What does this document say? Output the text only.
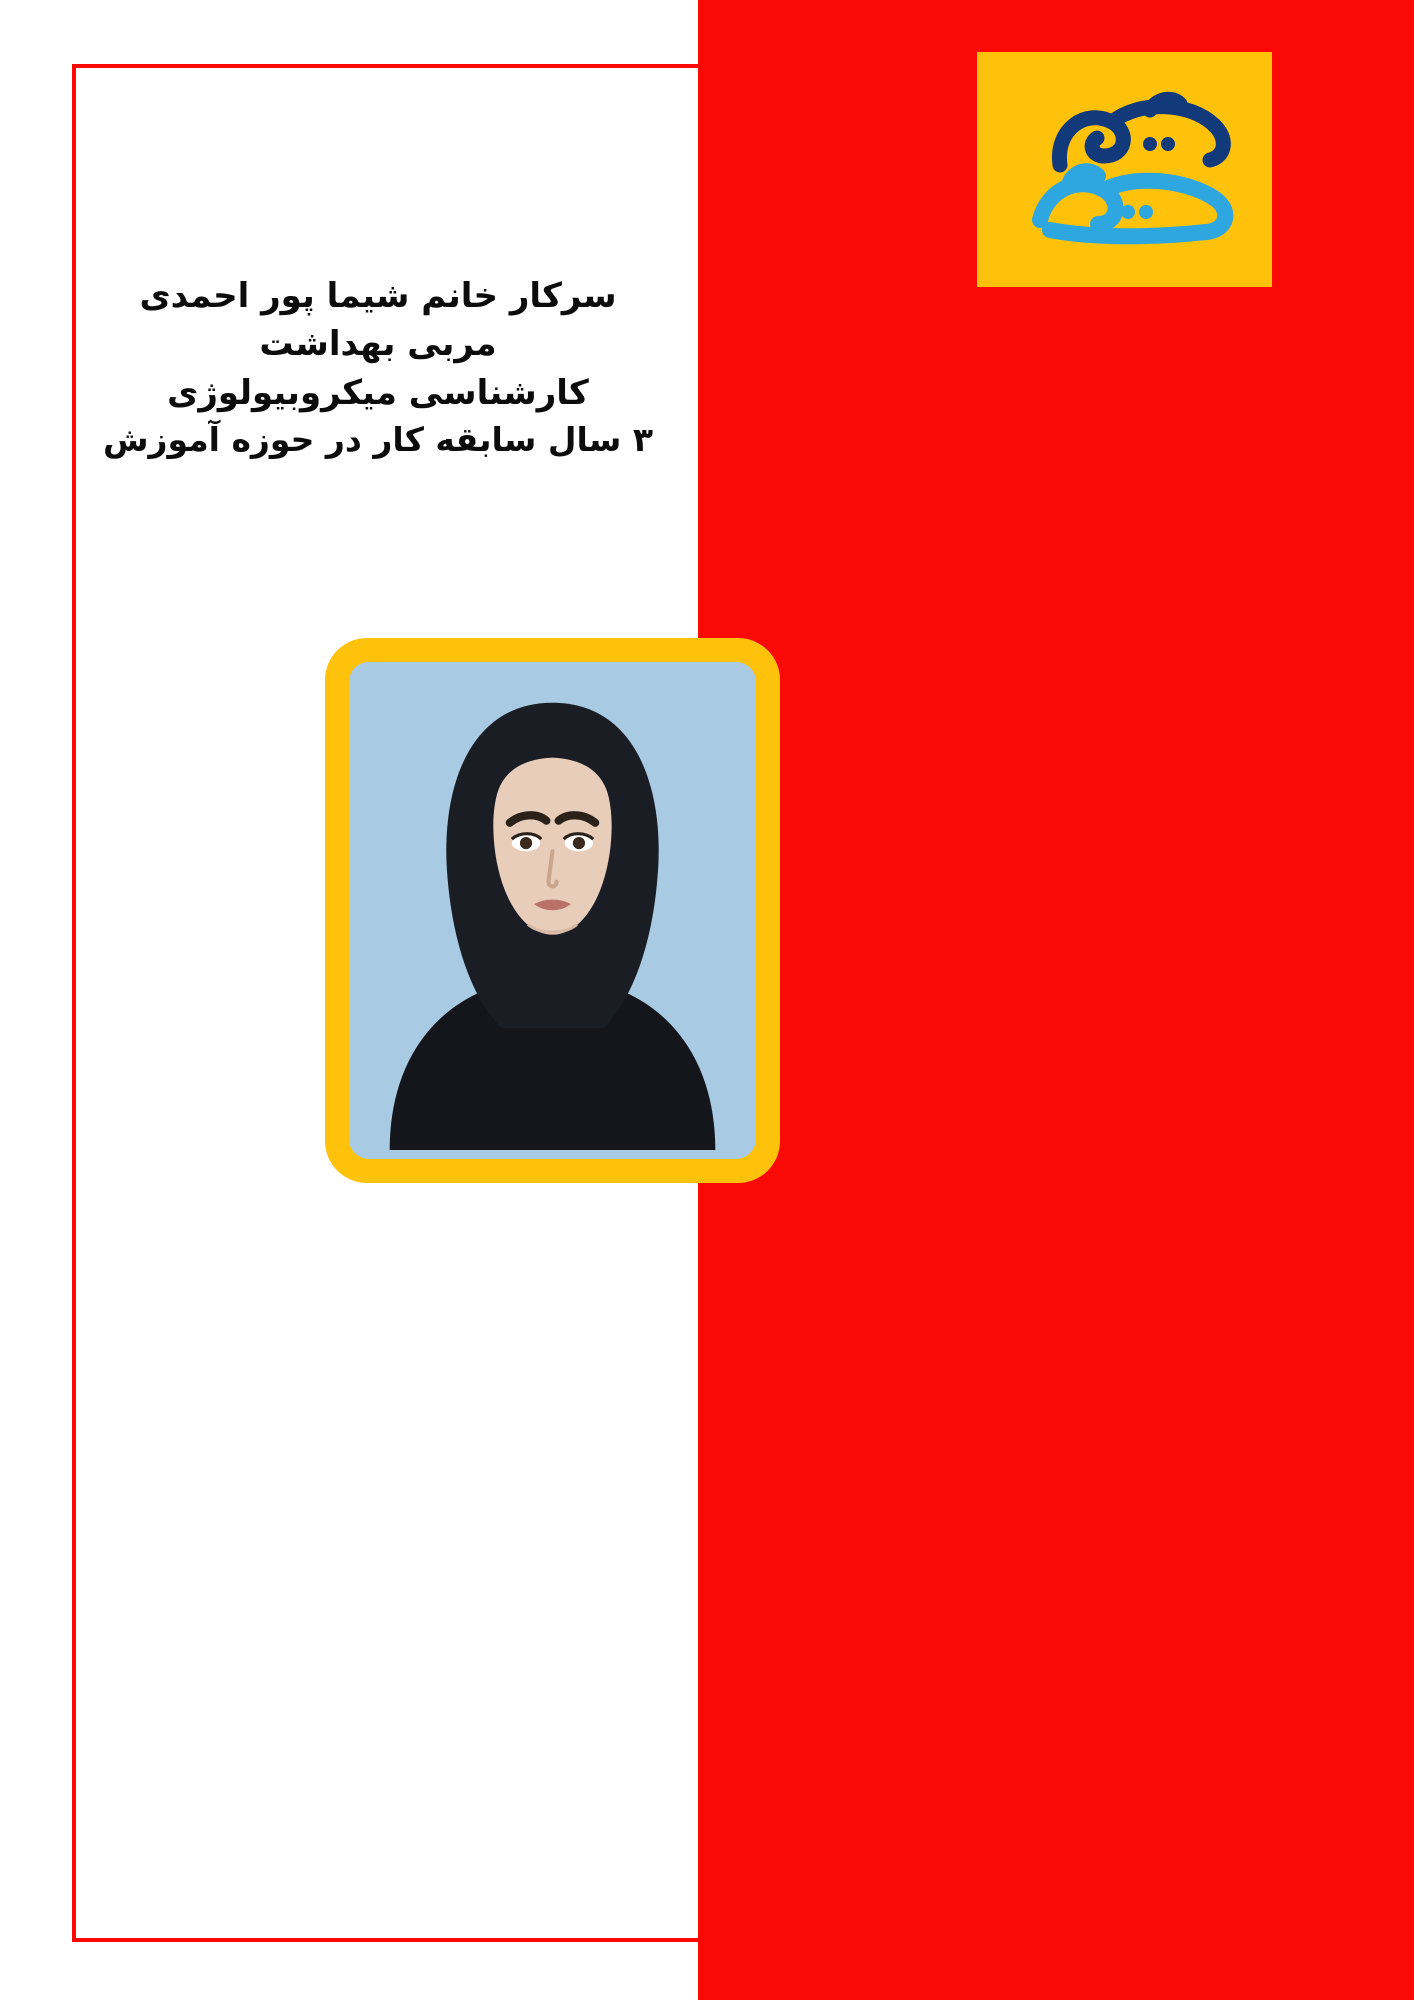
سرکار خانم شیما پور احمدی
مربی بهداشت
کارشناسی میکروبیولوژی
۳ سال سابقه کار در حوزه آموزش
